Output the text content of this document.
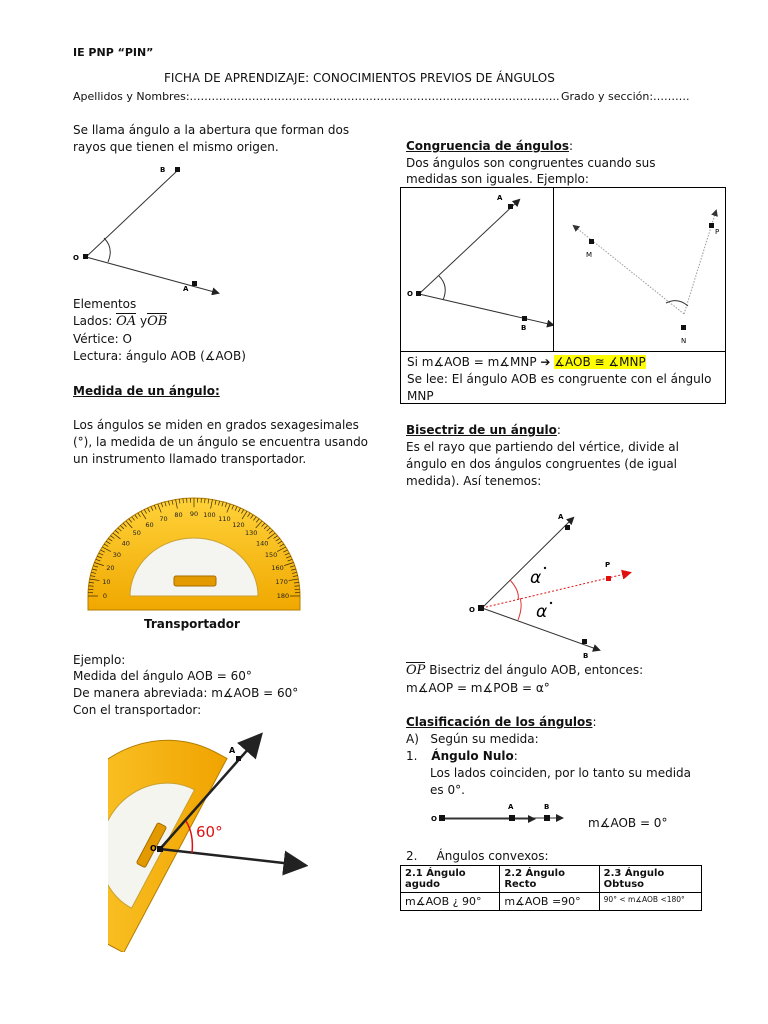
IE PNP “PIN”
FICHA DE APRENDIZAJE: CONOCIMIENTOS PREVIOS DE ÁNGULOS
Apellidos y Nombres:……………………………………………………………………………………….. Grado y sección:……….
Se llama ángulo a la abertura que forman dos
rayos que tienen el mismo origen.
B
O
A
Elementos
Lados: OA yOB
Vértice: O
Lectura: ángulo AOB (∡AOB)
Medida de un ángulo:
Los ángulos se miden en grados sexagesimales
(°), la medida de un ángulo se encuentra usando
un instrumento llamado transportador.
0
10
20
30
40
50
60
70 80 90 100 110
120
130
140
150
160
170
180
Transportador
Ejemplo:
Medida del ángulo AOB = 60°
De manera abreviada: m∡AOB = 60°
Con el transportador:
A
O
60°
Congruencia de ángulos:
Dos ángulos son congruentes cuando sus
medidas son iguales. Ejemplo:
A
O
B
M
P
N
Si m∡AOB = m∡MNP ➔ ∡AOB ≅ ∡MNP
Se lee: El ángulo AOB es congruente con el ángulo MNP
Bisectriz de un ángulo:
Es el rayo que partiendo del vértice, divide al
ángulo en dos ángulos congruentes (de igual
medida). Así tenemos:
A
P
O
B
α
α
OP Bisectriz del ángulo AOB, entonces:
m∡AOP = m∡POB = α°
Clasificación de los ángulos:
A)   Según su medida:
1. Ángulo Nulo:
Los lados coinciden, por lo tanto su medida
es 0°.
O
A	B
m∡AOB = 0°
2.     Ángulos convexos:
2.1 Ángulo agudo	2.2 Ángulo Recto	2.3 Ángulo Obtuso
m∡AOB ¿ 90°	m∡AOB =90°	90° < m∡AOB <180°
